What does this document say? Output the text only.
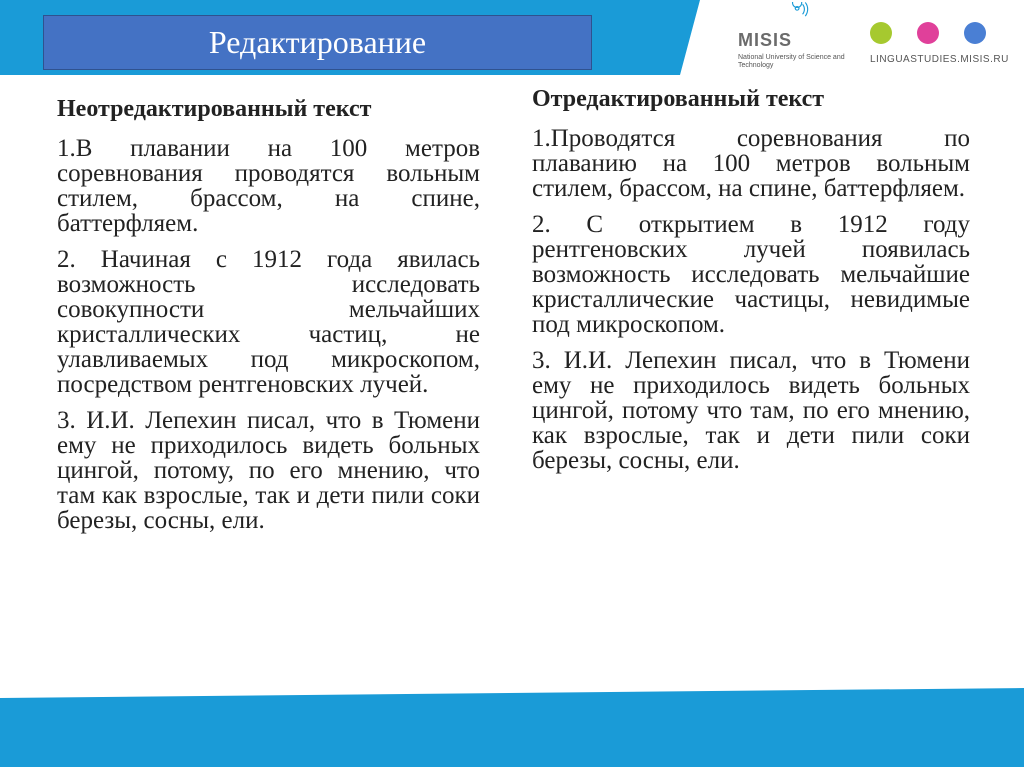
Редактирование	MISIS
National University of Science and Technology
LINGUASTUDIES.MISIS.RU
Неотредактированный текст

1.В плавании на 100 метров соревнования проводятся вольным стилем, брассом, на спине, баттерфляем.

2. Начиная с 1912 года явилась возможность исследовать совокупности мельчайших кристаллических частиц, не улавливаемых под микроскопом, посредством рентгеновских лучей.

3. И.И. Лепехин писал, что в Тюмени ему не приходилось видеть больных цингой, потому, по его мнению, что там как взрослые, так и дети пили соки березы, сосны, ели.

Отредактированный текст

1.Проводятся соревнования по плаванию на 100 метров вольным стилем, брассом, на спине, баттерфляем.

2. С открытием в 1912 году рентгеновских лучей появилась возможность исследовать мельчайшие кристаллические частицы, невидимые под микроскопом.

3. И.И. Лепехин писал, что в Тюмени ему не приходилось видеть больных цингой, потому что там, по его мнению, как взрослые, так и дети пили соки березы, сосны, ели.
